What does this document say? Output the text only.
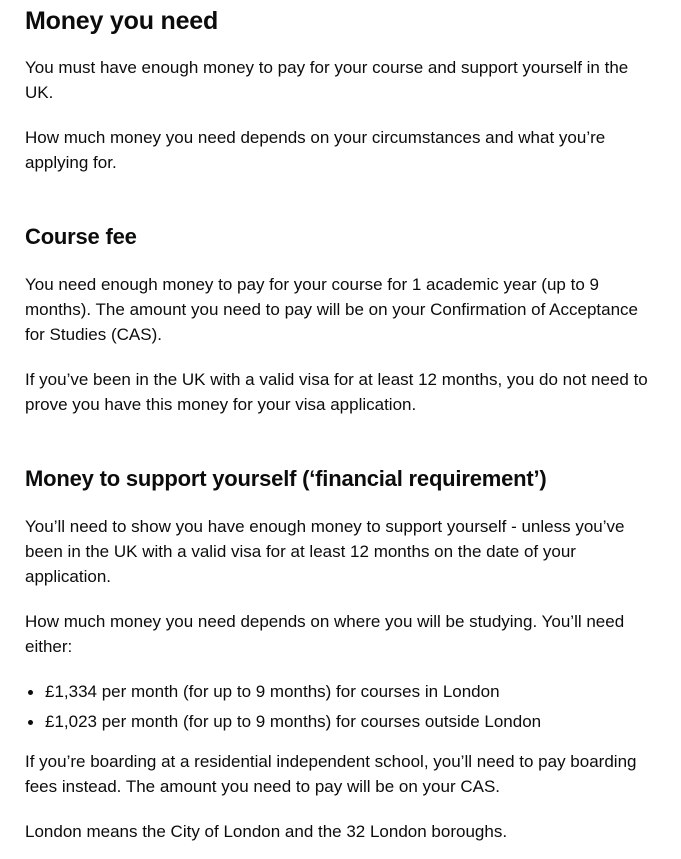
Money you need

You must have enough money to pay for your course and support yourself in the UK.

How much money you need depends on your circumstances and what you’re applying for.

Course fee

You need enough money to pay for your course for 1 academic year (up to 9 months). The amount you need to pay will be on your Confirmation of Acceptance for Studies (CAS).

If you’ve been in the UK with a valid visa for at least 12 months, you do not need to prove you have this money for your visa application.

Money to support yourself (‘financial requirement’)

You’ll need to show you have enough money to support yourself - unless you’ve been in the UK with a valid visa for at least 12 months on the date of your application.

How much money you need depends on where you will be studying. You’ll need either:

£1,334 per month (for up to 9 months) for courses in London
£1,023 per month (for up to 9 months) for courses outside London

If you’re boarding at a residential independent school, you’ll need to pay boarding fees instead. The amount you need to pay will be on your CAS.

London means the City of London and the 32 London boroughs.
